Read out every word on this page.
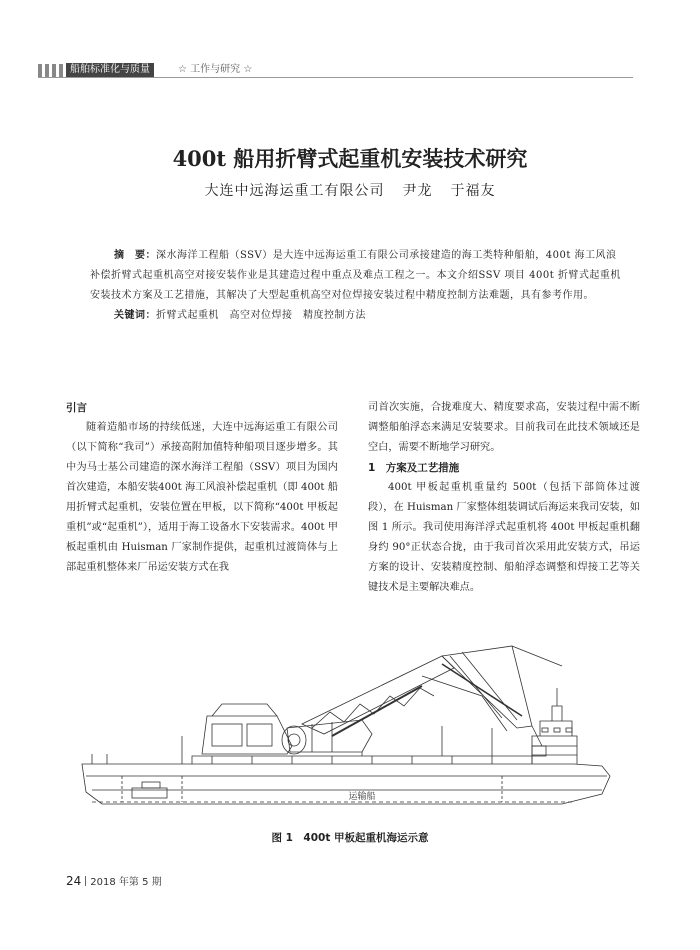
船舶标准化与质量	☆ 工作与研究 ☆
400t 船用折臂式起重机安装技术研究
大连中远海运重工有限公司 尹龙 于福友

摘　要：深水海洋工程船（SSV）是大连中远海运重工有限公司承接建造的海工类特种船舶，400t 海工风浪补偿折臂式起重机高空对接安装作业是其建造过程中重点及难点工程之一。本文介绍SSV 项目 400t 折臂式起重机安装技术方案及工艺措施，其解决了大型起重机高空对位焊接安装过程中精度控制方法难题，具有参考作用。

关键词：折臂式起重机　高空对位焊接　精度控制方法

引言

随着造船市场的持续低迷，大连中远海运重工有限公司（以下简称“我司”）承接高附加值特种船项目逐步增多。其中为马士基公司建造的深水海洋工程船（SSV）项目为国内首次建造，本船安装400t 海工风浪补偿起重机（即 400t 船用折臂式起重机，安装位置在甲板，以下简称“400t 甲板起重机”或“起重机”），适用于海工设备水下安装需求。400t 甲板起重机由 Huisman 厂家制作提供，起重机过渡筒体与上部起重机整体来厂吊运安装方式在我

司首次实施，合拢难度大、精度要求高，安装过程中需不断调整船舶浮态来满足安装要求。目前我司在此技术领域还是空白，需要不断地学习研究。

1　方案及工艺措施

400t 甲板起重机重量约 500t（包括下部筒体过渡段），在 Huisman 厂家整体组装调试后海运来我司安装，如图 1 所示。我司使用海洋浮式起重机将 400t 甲板起重机翻身约 90°正状态合拢，由于我司首次采用此安装方式，吊运方案的设计、安装精度控制、船舶浮态调整和焊接工艺等关键技术是主要解决难点。

运输船
图 1　400t 甲板起重机海运示意
24 2018 年第 5 期
